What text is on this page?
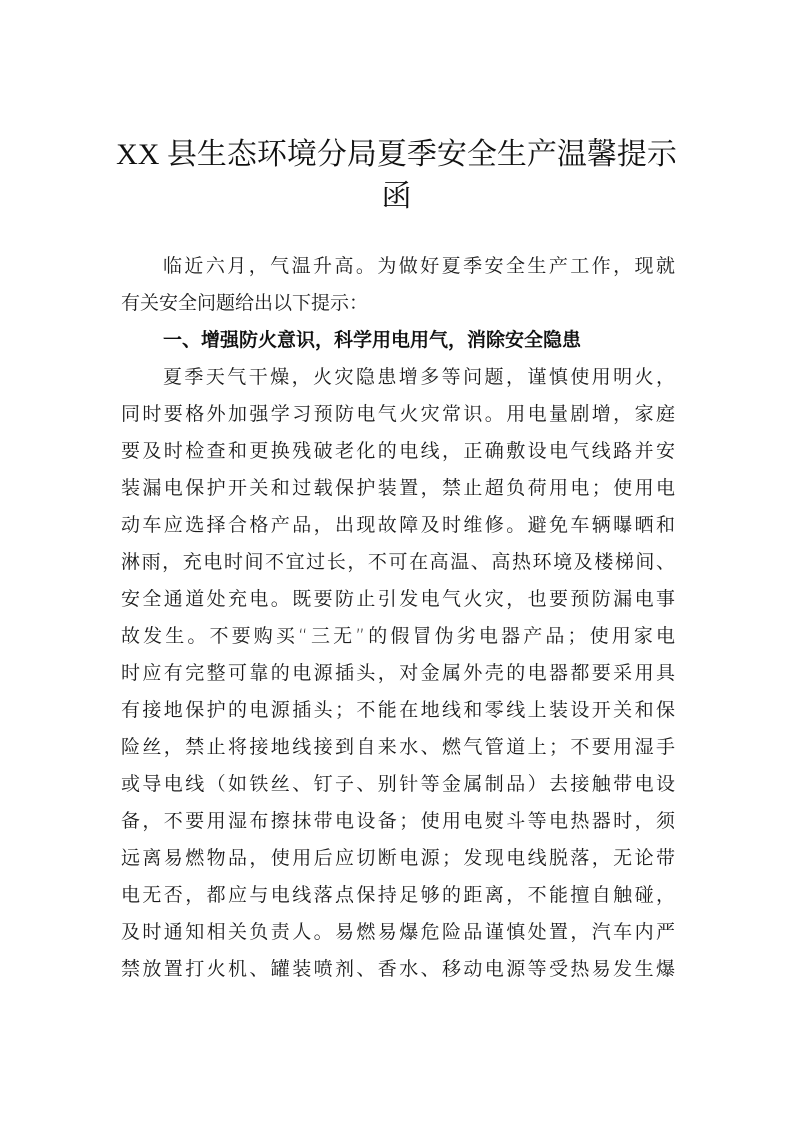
XX 县生态环境分局夏季安全生产温馨提示
函
临近六月，气温升高。为做好夏季安全生产工作，现就
有关安全问题给出以下提示：
一、增强防火意识，科学用电用气，消除安全隐患
夏季天气干燥，火灾隐患增多等问题，谨慎使用明火，
同时要格外加强学习预防电气火灾常识。用电量剧增，家庭
要及时检查和更换残破老化的电线，正确敷设电气线路并安
装漏电保护开关和过载保护装置，禁止超负荷用电；使用电
动车应选择合格产品，出现故障及时维修。避免车辆曝晒和
淋雨，充电时间不宜过长，不可在高温、高热环境及楼梯间、
安全通道处充电。既要防止引发电气火灾，也要预防漏电事
故发生。不要购买“三无”的假冒伪劣电器产品；使用家电
时应有完整可靠的电源插头，对金属外壳的电器都要采用具
有接地保护的电源插头；不能在地线和零线上装设开关和保
险丝，禁止将接地线接到自来水、燃气管道上；不要用湿手
或导电线（如铁丝、钉子、别针等金属制品）去接触带电设
备，不要用湿布擦抹带电设备；使用电熨斗等电热器时，须
远离易燃物品，使用后应切断电源；发现电线脱落，无论带
电无否，都应与电线落点保持足够的距离，不能擅自触碰，
及时通知相关负责人。易燃易爆危险品谨慎处置，汽车内严
禁放置打火机、罐装喷剂、香水、移动电源等受热易发生爆
